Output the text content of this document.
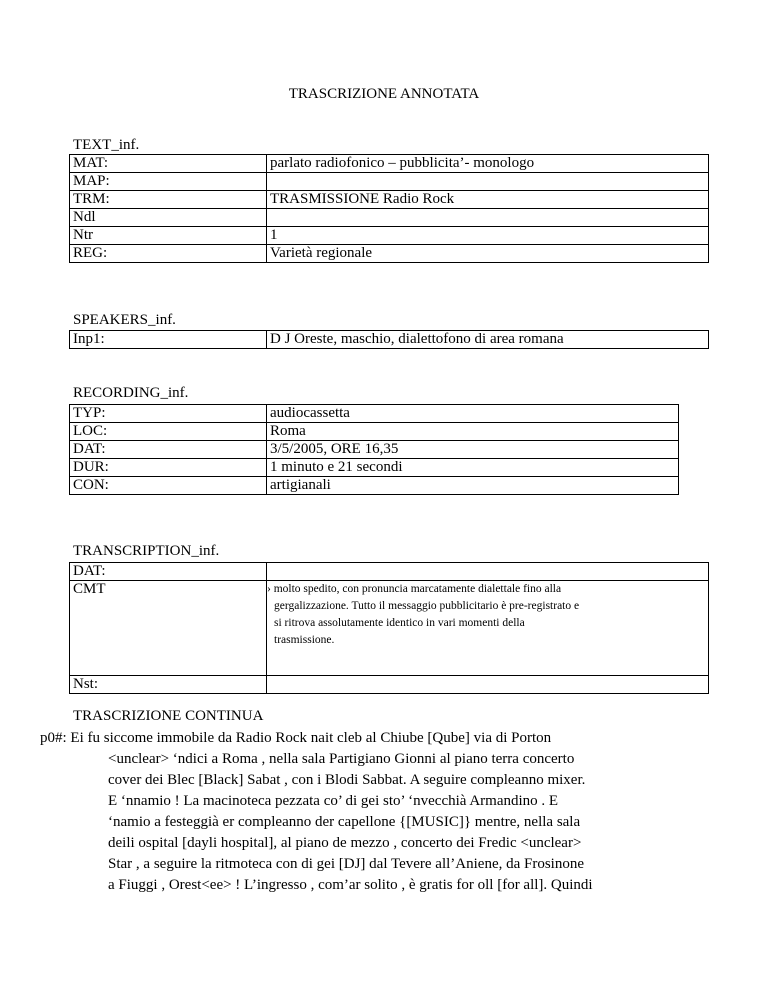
TRASCRIZIONE ANNOTATA
TEXT_inf.
MAT:	parlato radiofonico – pubblicita’- monologo
MAP:	
TRM:	TRASMISSIONE Radio Rock
Ndl	
Ntr	1
REG:	Varietà regionale
SPEAKERS_inf.
Inp1:	D J Oreste, maschio, dialettofono di area romana
RECORDING_inf.
TYP:	audiocassetta
LOC:	Roma
DAT:	3/5/2005, ORE 16,35
DUR:	1 minuto e 21 secondi
CON:	artigianali
TRANSCRIPTION_inf.
DAT:	
CMT	› molto spedito, con pronuncia marcatamente dialettale fino alla
gergalizzazione. Tutto il messaggio pubblicitario è pre-registrato e
si ritrova assolutamente identico in vari momenti della
trasmissione.

Nst:	
TRASCRIZIONE CONTINUA
p0#: Ei fu siccome immobile da Radio Rock nait cleb al Chiube [Qube] via di Porton
<unclear> ‘ndici a Roma , nella sala Partigiano Gionni al piano terra concerto
cover dei Blec [Black] Sabat , con i Blodi Sabbat. A seguire compleanno mixer.
E ‘nnamio ! La macinoteca pezzata co’ di gei sto’ ‘nvecchià Armandino . E
‘namio a festeggià er compleanno der capellone {[MUSIC]} mentre, nella sala
deili ospital [dayli hospital], al piano de mezzo , concerto dei Fredic <unclear>
Star , a seguire la ritmoteca con di gei [DJ] dal Tevere all’Aniene, da Frosinone
a Fiuggi , Orest<ee> ! L’ingresso , com’ar solito , è gratis for oll [for all]. Quindi
